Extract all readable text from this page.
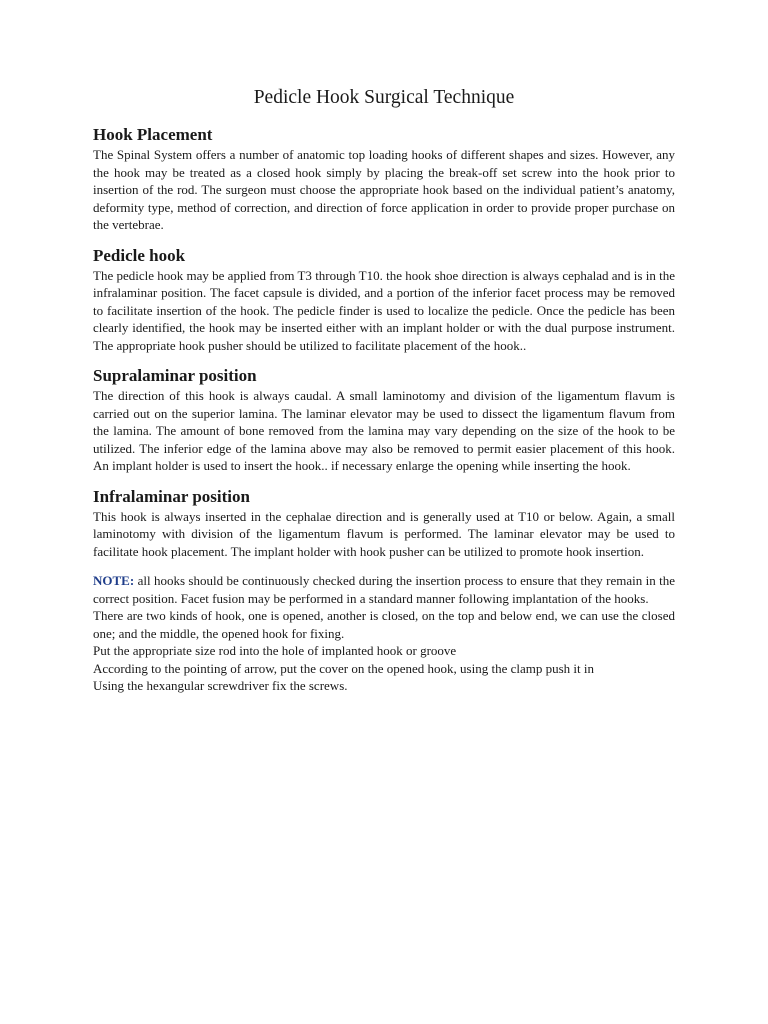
Pedicle Hook Surgical Technique
Hook Placement

The Spinal System offers a number of anatomic top loading hooks of different shapes and sizes. However, any the hook may be treated as a closed hook simply by placing the break-off set screw into the hook prior to insertion of the rod. The surgeon must choose the appropriate hook based on the individual patient’s anatomy, deformity type, method of correction, and direction of force application in order to provide proper purchase on the vertebrae.

Pedicle hook

The pedicle hook may be applied from T3 through T10. the hook shoe direction is always cephalad and is in the infralaminar position. The facet capsule is divided, and a portion of the inferior facet process may be removed to facilitate insertion of the hook. The pedicle finder is used to localize the pedicle. Once the pedicle has been clearly identified, the hook may be inserted either with an implant holder or with the dual purpose instrument. The appropriate hook pusher should be utilized to facilitate placement of the hook..

Supralaminar position

The direction of this hook is always caudal. A small laminotomy and division of the ligamentum flavum is carried out on the superior lamina. The laminar elevator may be used to dissect the ligamentum flavum from the lamina. The amount of bone removed from the lamina may vary depending on the size of the hook to be utilized. The inferior edge of the lamina above may also be removed to permit easier placement of this hook. An implant holder is used to insert the hook.. if necessary enlarge the opening while inserting the hook.

Infralaminar position

This hook is always inserted in the cephalae direction and is generally used at T10 or below. Again, a small laminotomy with division of the ligamentum flavum is performed. The laminar elevator may be used to facilitate hook placement. The implant holder with hook pusher can be utilized to promote hook insertion.

NOTE: all hooks should be continuously checked during the insertion process to ensure that they remain in the correct position. Facet fusion may be performed in a standard manner following implantation of the hooks.

There are two kinds of hook, one is opened, another is closed, on the top and below end, we can use the closed one; and the middle, the opened hook for fixing.

Put the appropriate size rod into the hole of implanted hook or groove

According to the pointing of arrow, put the cover on the opened hook, using the clamp push it in

Using the hexangular screwdriver fix the screws.
